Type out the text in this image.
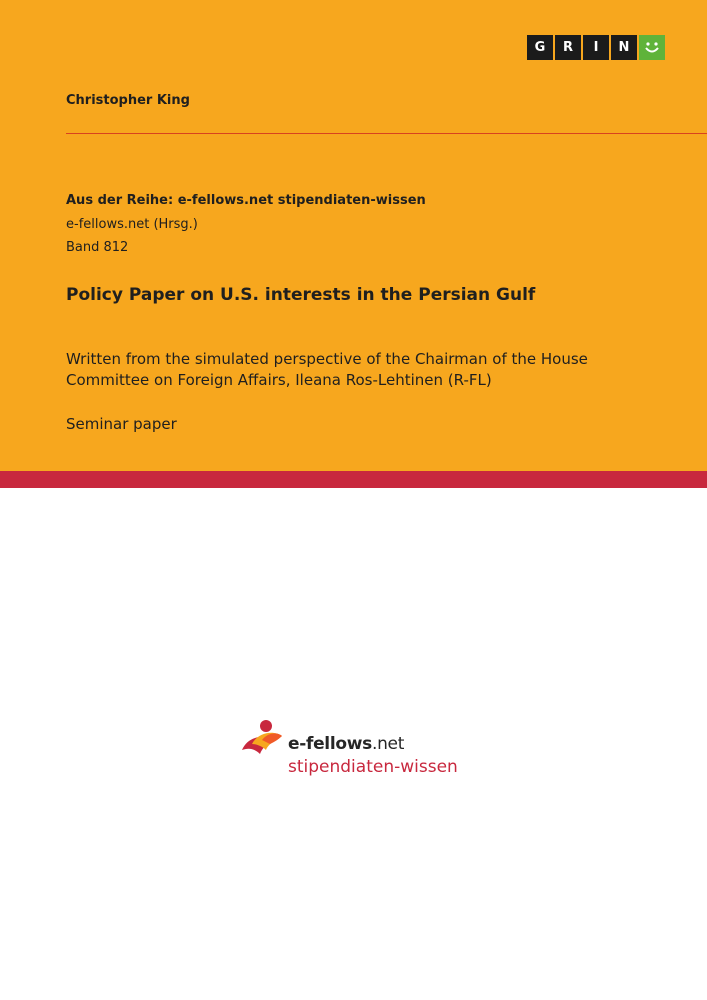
G	R	I	N
Christopher King
Aus der Reihe: e-fellows.net stipendiaten-wissen
e-fellows.net (Hrsg.)
Band 812
Policy Paper on U.S. interests in the Persian Gulf
Written from the simulated perspective of the Chairman of the House Committee on Foreign Affairs, Ileana Ros-Lehtinen (R-FL)
Seminar paper
e-fellows.net
stipendiaten-wissen
